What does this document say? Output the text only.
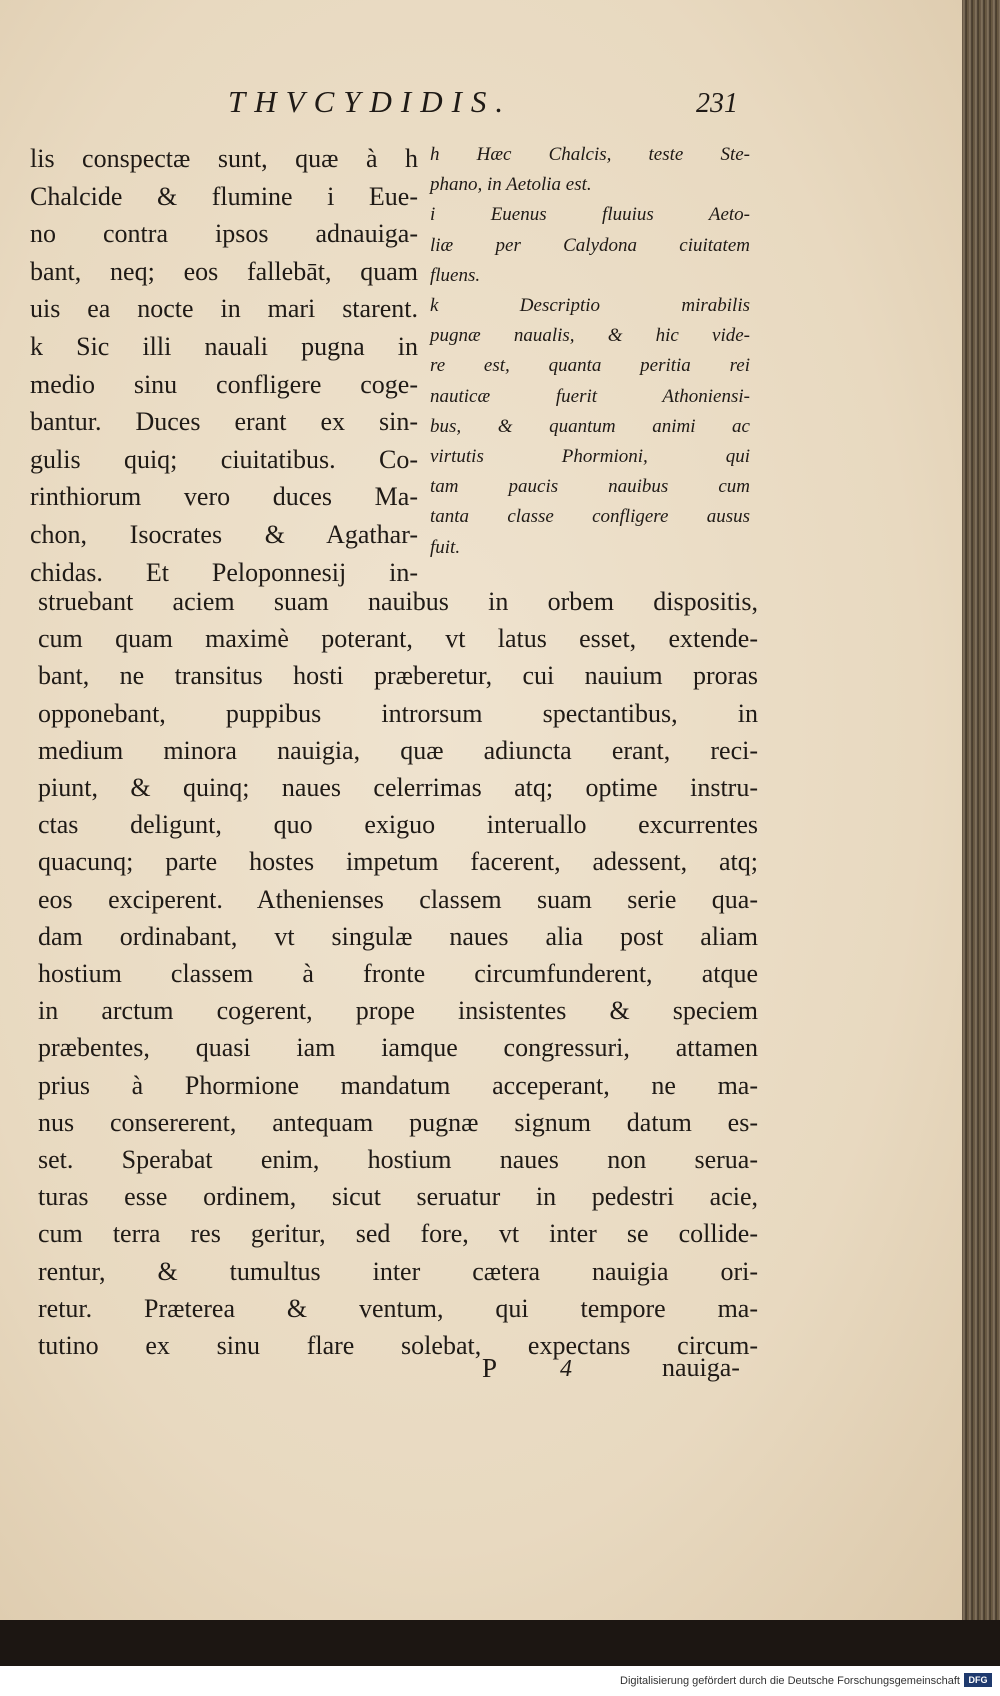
THVCYDIDIS.	231
lis conspectæ sunt, quæ à h
Chalcide & flumine i Eue-
no contra ipsos adnauiga-
bant, neq; eos fallebāt, quam
uis ea nocte in mari starent.
k Sic illi nauali pugna in
medio sinu confligere coge-
bantur. Duces erant ex sin-
gulis quiq; ciuitatibus. Co-
rinthiorum vero duces Ma-
chon, Isocrates & Agathar-
chidas. Et Peloponnesij in-
h Hæc Chalcis, teste Ste-
phano, in Aetolia est.
i Euenus fluuius Aeto-
liæ per Calydona ciuitatem
fluens.
k Descriptio mirabilis
pugnæ naualis, & hic vide-
re est, quanta peritia rei
nauticæ fuerit Athoniensi-
bus, & quantum animi ac
virtutis Phormioni, qui
tam paucis nauibus cum
tanta classe confligere ausus
fuit.
struebant aciem suam nauibus in orbem dispositis,
cum quam maximè poterant, vt latus esset, extende-
bant, ne transitus hosti præberetur, cui nauium proras
opponebant, puppibus introrsum spectantibus, in
medium minora nauigia, quæ adiuncta erant, reci-
piunt, & quinq; naues celerrimas atq; optime instru-
ctas deligunt, quo exiguo interuallo excurrentes
quacunq; parte hostes impetum facerent, adessent, atq;
eos exciperent. Athenienses classem suam serie qua-
dam ordinabant, vt singulæ naues alia post aliam
hostium classem à fronte circumfunderent, atque
in arctum cogerent, prope insistentes & speciem
præbentes, quasi iam iamque congressuri, attamen
prius à Phormione mandatum acceperant, ne ma-
nus consererent, antequam pugnæ signum datum es-
set. Sperabat enim, hostium naues non serua-
turas esse ordinem, sicut seruatur in pedestri acie,
cum terra res geritur, sed fore, vt inter se collide-
rentur, & tumultus inter cætera nauigia ori-
retur. Præterea & ventum, qui tempore ma-
tutino ex sinu flare solebat, expectans circum-
P	4	nauiga-
Digitalisierung gefördert durch die Deutsche Forschungsgemeinschaft DFG
